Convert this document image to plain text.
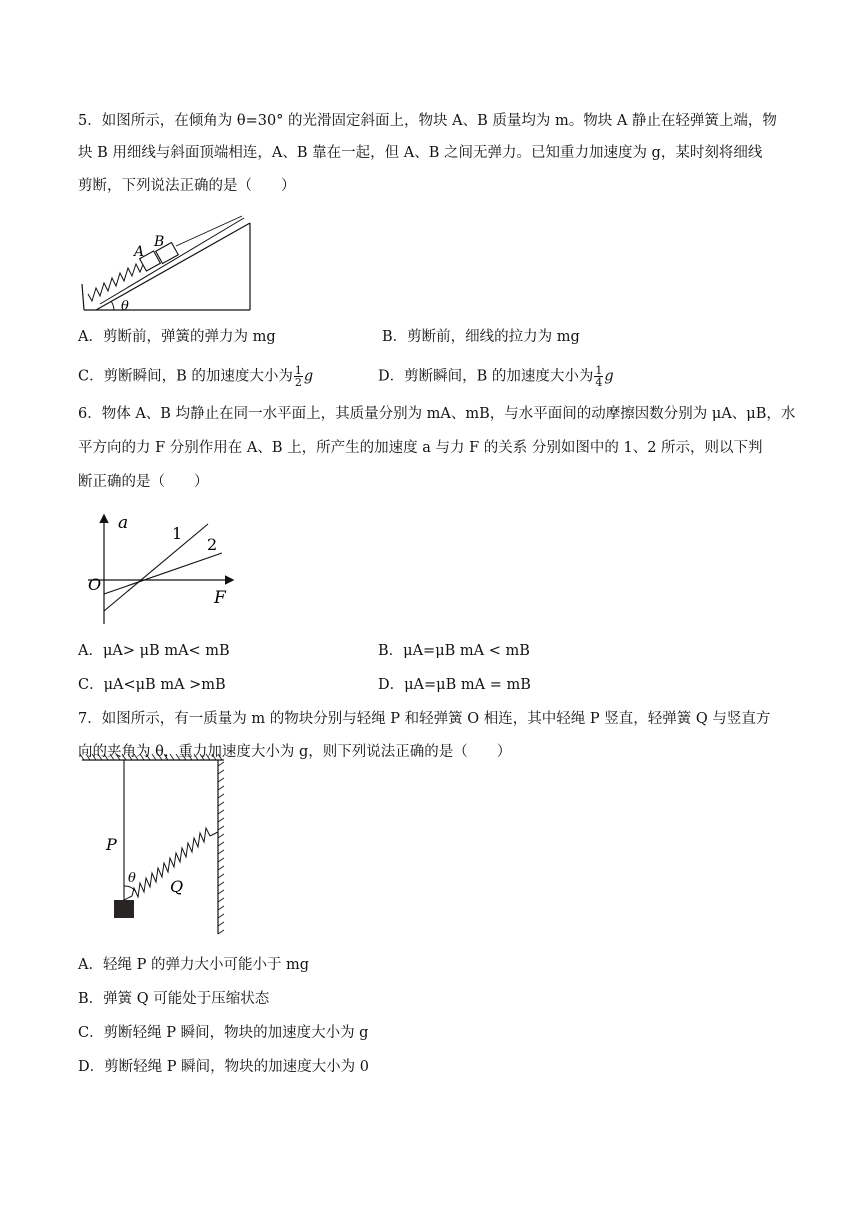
5．如图所示，在倾角为 θ=30° 的光滑固定斜面上，物块 A、B 质量均为 m。物块 A 静止在轻弹簧上端，物
块 B 用细线与斜面顶端相连，A、B 靠在一起，但 A、B 之间无弹力。已知重力加速度为 g，某时刻将细线
剪断，下列说法正确的是（　　）
A
B
θ
A．剪断前，弹簧的弹力为 mg	B．剪断前，细线的拉力为 mg
C．剪断瞬间，B 的加速度大小为 $\frac{1}{2}$ g	D．剪断瞬间，B 的加速度大小为 $\frac{1}{4}$ g
6．物体 A、B 均静止在同一水平面上，其质量分别为 mA、mB，与水平面间的动摩擦因数分别为 μA、μB，水
平方向的力 F 分别作用在 A、B 上，所产生的加速度 a 与力 F 的关系 分别如图中的 1、2 所示，则以下判
断正确的是（　　）
a
F
O
1
2
A．μA> μB mA< mB	B．μA=μB mA < mB
C．μA<μB mA >mB	D．μA=μB mA = mB
7．如图所示，有一质量为 m 的物块分别与轻绳 P 和轻弹簧 O 相连，其中轻绳 P 竖直，轻弹簧 Q 与竖直方
向的夹角为 θ，重力加速度大小为 g，则下列说法正确的是（　　）
P
Q
θ
A．轻绳 P 的弹力大小可能小于 mg
B．弹簧 Q 可能处于压缩状态
C．剪断轻绳 P 瞬间，物块的加速度大小为 g
D．剪断轻绳 P 瞬间，物块的加速度大小为 0
